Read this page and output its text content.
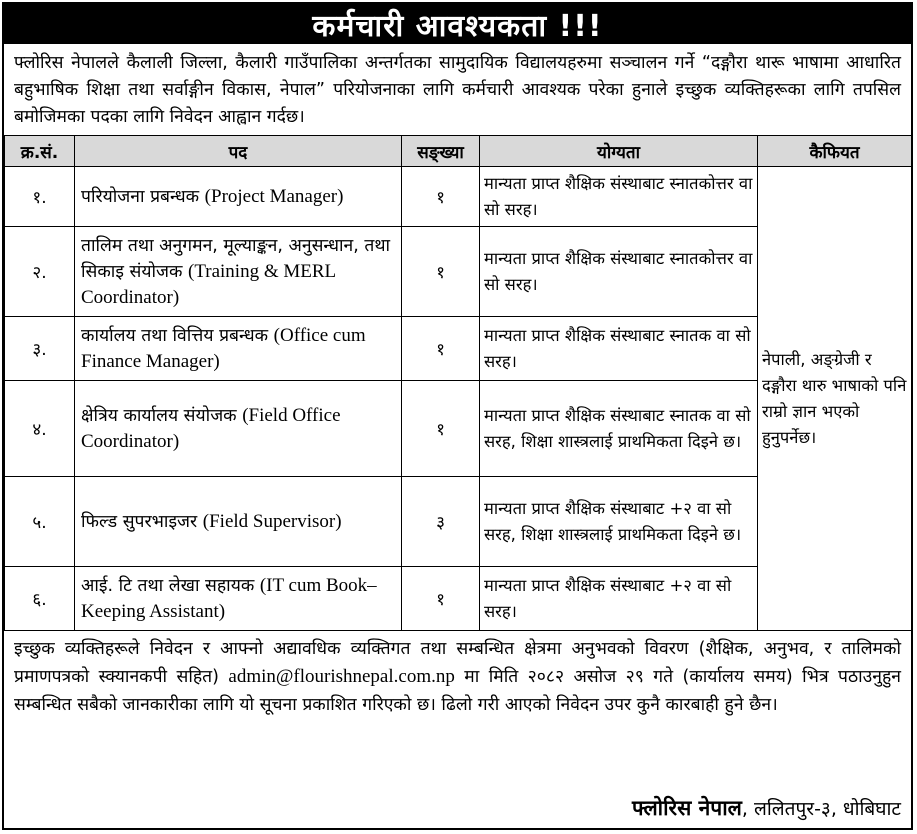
कर्मचारी आवश्यकता !!!
फ्लोरिस नेपालले कैलाली जिल्ला, कैलारी गाउँपालिका अन्तर्गतका सामुदायिक विद्यालयहरुमा सञ्चालन गर्ने “दङ्गौरा थारू भाषामा आधारित बहुभाषिक शिक्षा तथा सर्वाङ्गीन विकास, नेपाल” परियोजनाका लागि कर्मचारी आवश्यक परेका हुनाले इच्छुक व्यक्तिहरूका लागि तपसिल बमोजिमका पदका लागि निवेदन आह्वान गर्दछ।
क्र.सं.	पद	सङ्ख्या	योग्यता	कैफियत
१.	परियोजना प्रबन्धक (Project Manager)	१	मान्यता प्राप्त शैक्षिक संस्थाबाट स्नातकोत्तर वा सो सरह।	नेपाली, अङ्ग्रेजी र दङ्गौरा थारु भाषाको पनि राम्रो ज्ञान भएको हुनुपर्नेछ।
२.	तालिम तथा अनुगमन, मूल्याङ्कन, अनुसन्धान, तथा सिकाइ संयोजक (Training & MERL Coordinator)	१	मान्यता प्राप्त शैक्षिक संस्थाबाट स्नातकोत्तर वा सो सरह।	
३.	कार्यालय तथा वित्तिय प्रबन्धक (Office cum Finance Manager)	१	मान्यता प्राप्त शैक्षिक संस्थाबाट स्नातक वा सो सरह।	
४.	क्षेत्रिय कार्यालय संयोजक (Field Office Coordinator)	१	मान्यता प्राप्त शैक्षिक संस्थाबाट स्नातक वा सो सरह, शिक्षा शास्त्रलाई प्राथमिकता दिइने छ।	
५.	फिल्ड सुपरभाइजर (Field Supervisor)	३	मान्यता प्राप्त शैक्षिक संस्थाबाट +२ वा सो सरह, शिक्षा शास्त्रलाई प्राथमिकता दिइने छ।	
६.	आई. टि तथा लेखा सहायक (IT cum Book–Keeping Assistant)	१	मान्यता प्राप्त शैक्षिक संस्थाबाट +२ वा सो सरह।	
इच्छुक व्यक्तिहरूले निवेदन र आफ्नो अद्यावधिक व्यक्तिगत तथा सम्बन्धित क्षेत्रमा अनुभवको विवरण (शैक्षिक, अनुभव, र तालिमको प्रमाणपत्रको स्क्यानकपी सहित) admin@flourishnepal.com.np मा मिति २०८२ असोज २९ गते (कार्यालय समय) भित्र पठाउनुहुन सम्बन्धित सबैको जानकारीका लागि यो सूचना प्रकाशित गरिएको छ। ढिलो गरी आएको निवेदन उपर कुनै कारबाही हुने छैन।
फ्लोरिस नेपाल, ललितपुर-३, धोबिघाट
